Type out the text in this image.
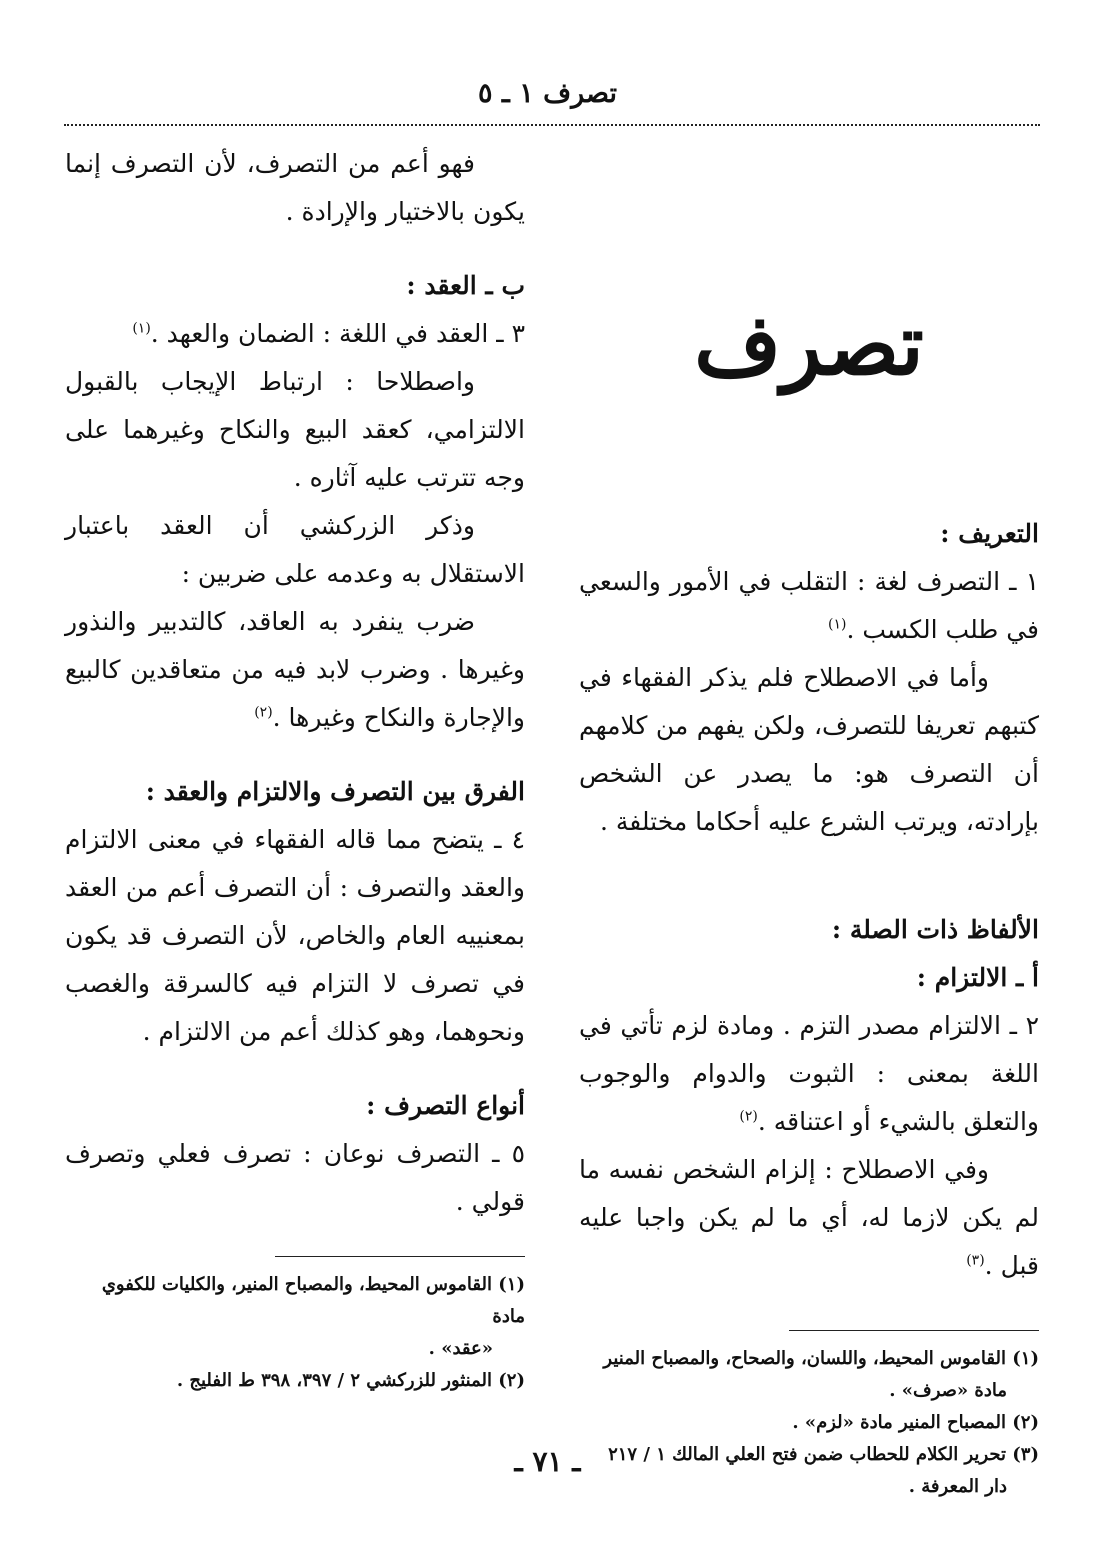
تصرف ١ ـ ٥
تصرف

التعريف :

١ ـ التصرف لغة : التقلب في الأمور والسعي في طلب الكسب .$^{(١)}$

وأما في الاصطلاح فلم يذكر الفقهاء في كتبهم تعريفا للتصرف، ولكن يفهم من كلامهم أن التصرف هو: ما يصدر عن الشخص بإرادته، ويرتب الشرع عليه أحكاما مختلفة .

الألفاظ ذات الصلة :

أ ـ الالتزام :

٢ ـ الالتزام مصدر التزم . ومادة لزم تأتي في اللغة بمعنى : الثبوت والدوام والوجوب والتعلق بالشيء أو اعتناقه .$^{(٢)}$

وفي الاصطلاح : إلزام الشخص نفسه ما لم يكن لازما له، أي ما لم يكن واجبا عليه قبل .$^{(٣)}$

(١) القاموس المحيط، واللسان، والصحاح، والمصباح المنير
مادة «صرف» .

(٢) المصباح المنير مادة «لزم» .

(٣) تحرير الكلام للحطاب ضمن فتح العلي المالك ١ / ٢١٧
دار المعرفة .

فهو أعم من التصرف، لأن التصرف إنما يكون بالاختيار والإرادة .

ب ـ العقد :

٣ ـ العقد في اللغة : الضمان والعهد .$^{(١)}$

واصطلاحا : ارتباط الإيجاب بالقبول الالتزامي، كعقد البيع والنكاح وغيرهما على وجه تترتب عليه آثاره .

وذكر الزركشي أن العقد باعتبار الاستقلال به وعدمه على ضربين :

ضرب ينفرد به العاقد، كالتدبير والنذور وغيرها . وضرب لابد فيه من متعاقدين كالبيع والإجارة والنكاح وغيرها .$^{(٢)}$

الفرق بين التصرف والالتزام والعقد :

٤ ـ يتضح مما قاله الفقهاء في معنى الالتزام والعقد والتصرف : أن التصرف أعم من العقد بمعنييه العام والخاص، لأن التصرف قد يكون في تصرف لا التزام فيه كالسرقة والغصب ونحوهما، وهو كذلك أعم من الالتزام .

أنواع التصرف :

٥ ـ التصرف نوعان : تصرف فعلي وتصرف قولي .

(١) القاموس المحيط، والمصباح المنير، والكليات للكفوي مادة
«عقد» .

(٢) المنثور للزركشي ٢ / ٣٩٧، ٣٩٨ ط الفليج .

ـ ٧١ ـ
